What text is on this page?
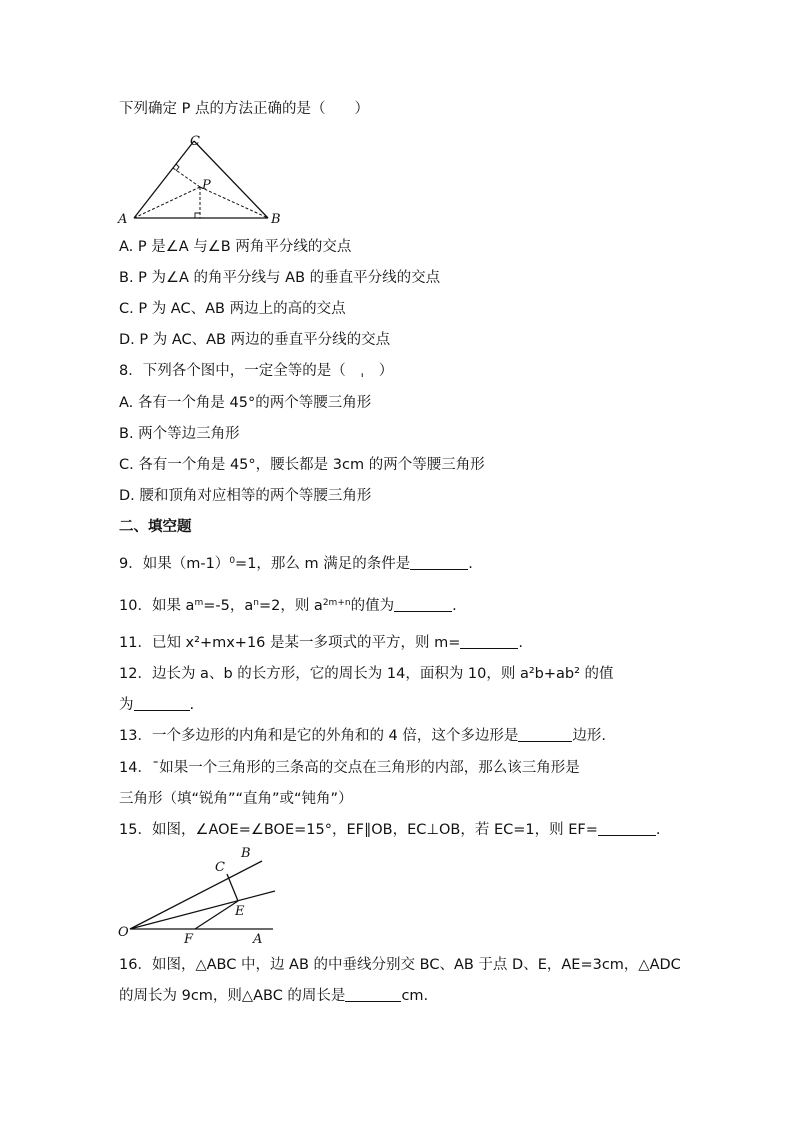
下列确定 P 点的方法正确的是（　　）
C
P
A	B
A. P 是∠A 与∠B 两角平分线的交点
B. P 为∠A 的角平分线与 AB 的垂直平分线的交点
C. P 为 AC、AB 两边上的高的交点
D. P 为 AC、AB 两边的垂直平分线的交点
8．下列各个图中，一定全等的是（　ˌ　）
A. 各有一个角是 45°的两个等腰三角形
B. 两个等边三角形
C. 各有一个角是 45°，腰长都是 3cm 的两个等腰三角形
D. 腰和顶角对应相等的两个等腰三角形
二、填空题
9．如果$(m-1)^0=1$，那么 m 满足的条件是	.
10．如果 $a^m=-5$，$a^n=2$，则 $a^{2m+n}$的值为	.
11．已知 x²+mx+16 是某一多项式的平方，则 m=	.
12．边长为 a、b 的长方形，它的周长为 14，面积为 10，则 a²b+ab² 的值
为	.
13．一个多边形的内角和是它的外角和的 4 倍，这个多边形是	边形.
14．ˉ如果一个三角形的三条高的交点在三角形的内部，那么该三角形是
三角形（填“锐角”“直角”或“钝角”）
15．如图，∠AOE=∠BOE=15°，EF∥OB，EC⊥OB，若 EC=1，则 EF=	.
B
C
E
O	F	A
16．如图，△ABC 中，边 AB 的中垂线分别交 BC、AB 于点 D、E，AE=3cm，△ADC
的周长为 9cm，则△ABC 的周长是	cm.
